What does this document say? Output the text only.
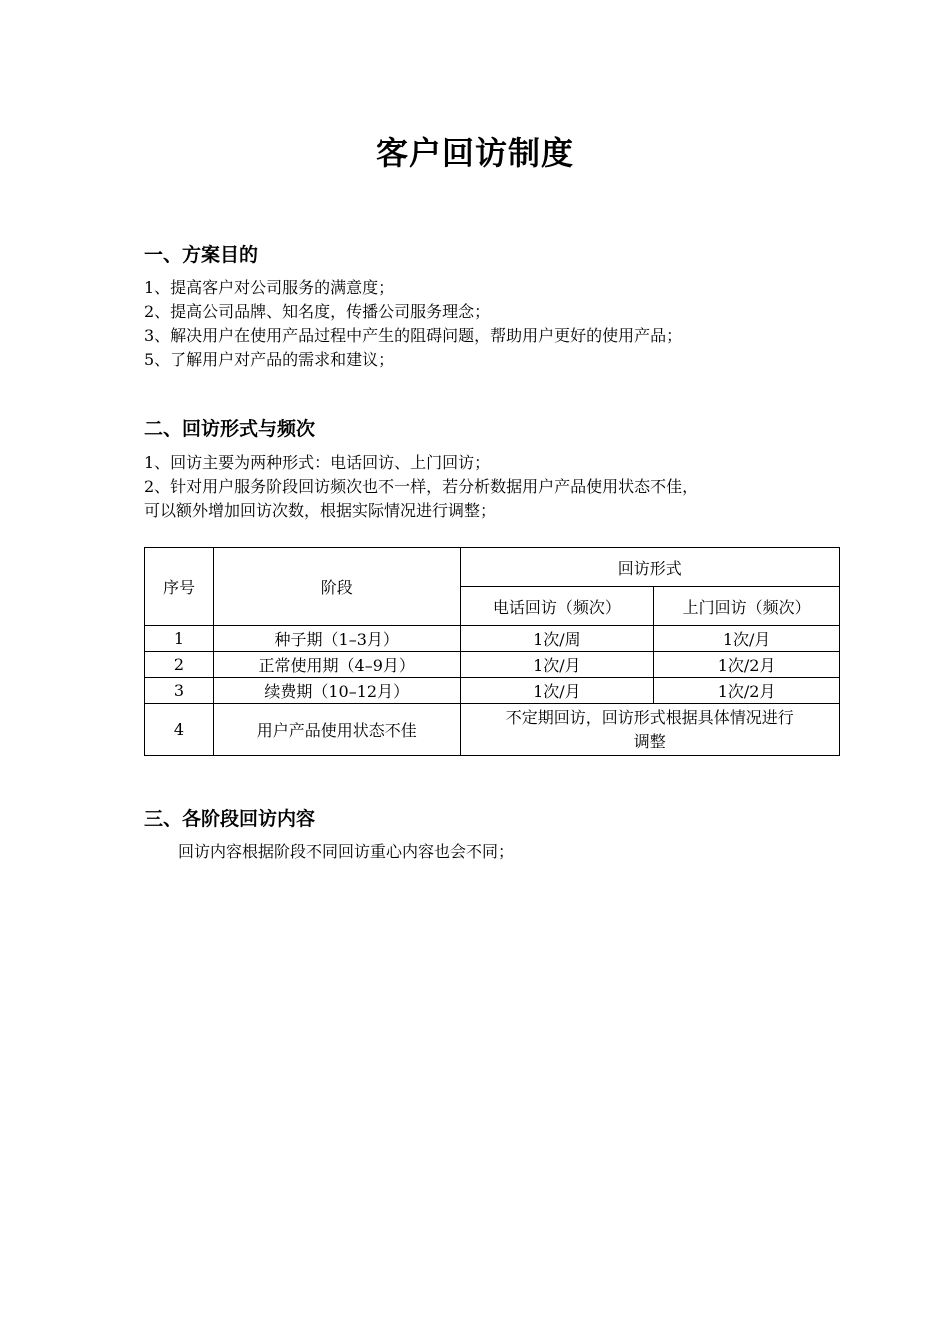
客户回访制度
一、方案目的
1、提高客户对公司服务的满意度；
2、提高公司品牌、知名度，传播公司服务理念；
3、解决用户在使用产品过程中产生的阻碍问题，帮助用户更好的使用产品；
5、了解用户对产品的需求和建议；
二、回访形式与频次
1、回访主要为两种形式：电话回访、上门回访；
2、针对用户服务阶段回访频次也不一样，若分析数据用户产品使用状态不佳，
可以额外增加回访次数，根据实际情况进行调整；
序号	阶段	回访形式	
		电话回访（频次）	上门回访（频次）
1	种子期（1–3月）	1次/周	1次/月
2	正常使用期（4–9月）	1次/月	1次/2月
3	续费期（10–12月）	1次/月	1次/2月
4	用户产品使用状态不佳	不定期回访，回访形式根据具体情况进行
调整	
三、各阶段回访内容
回访内容根据阶段不同回访重心内容也会不同；
